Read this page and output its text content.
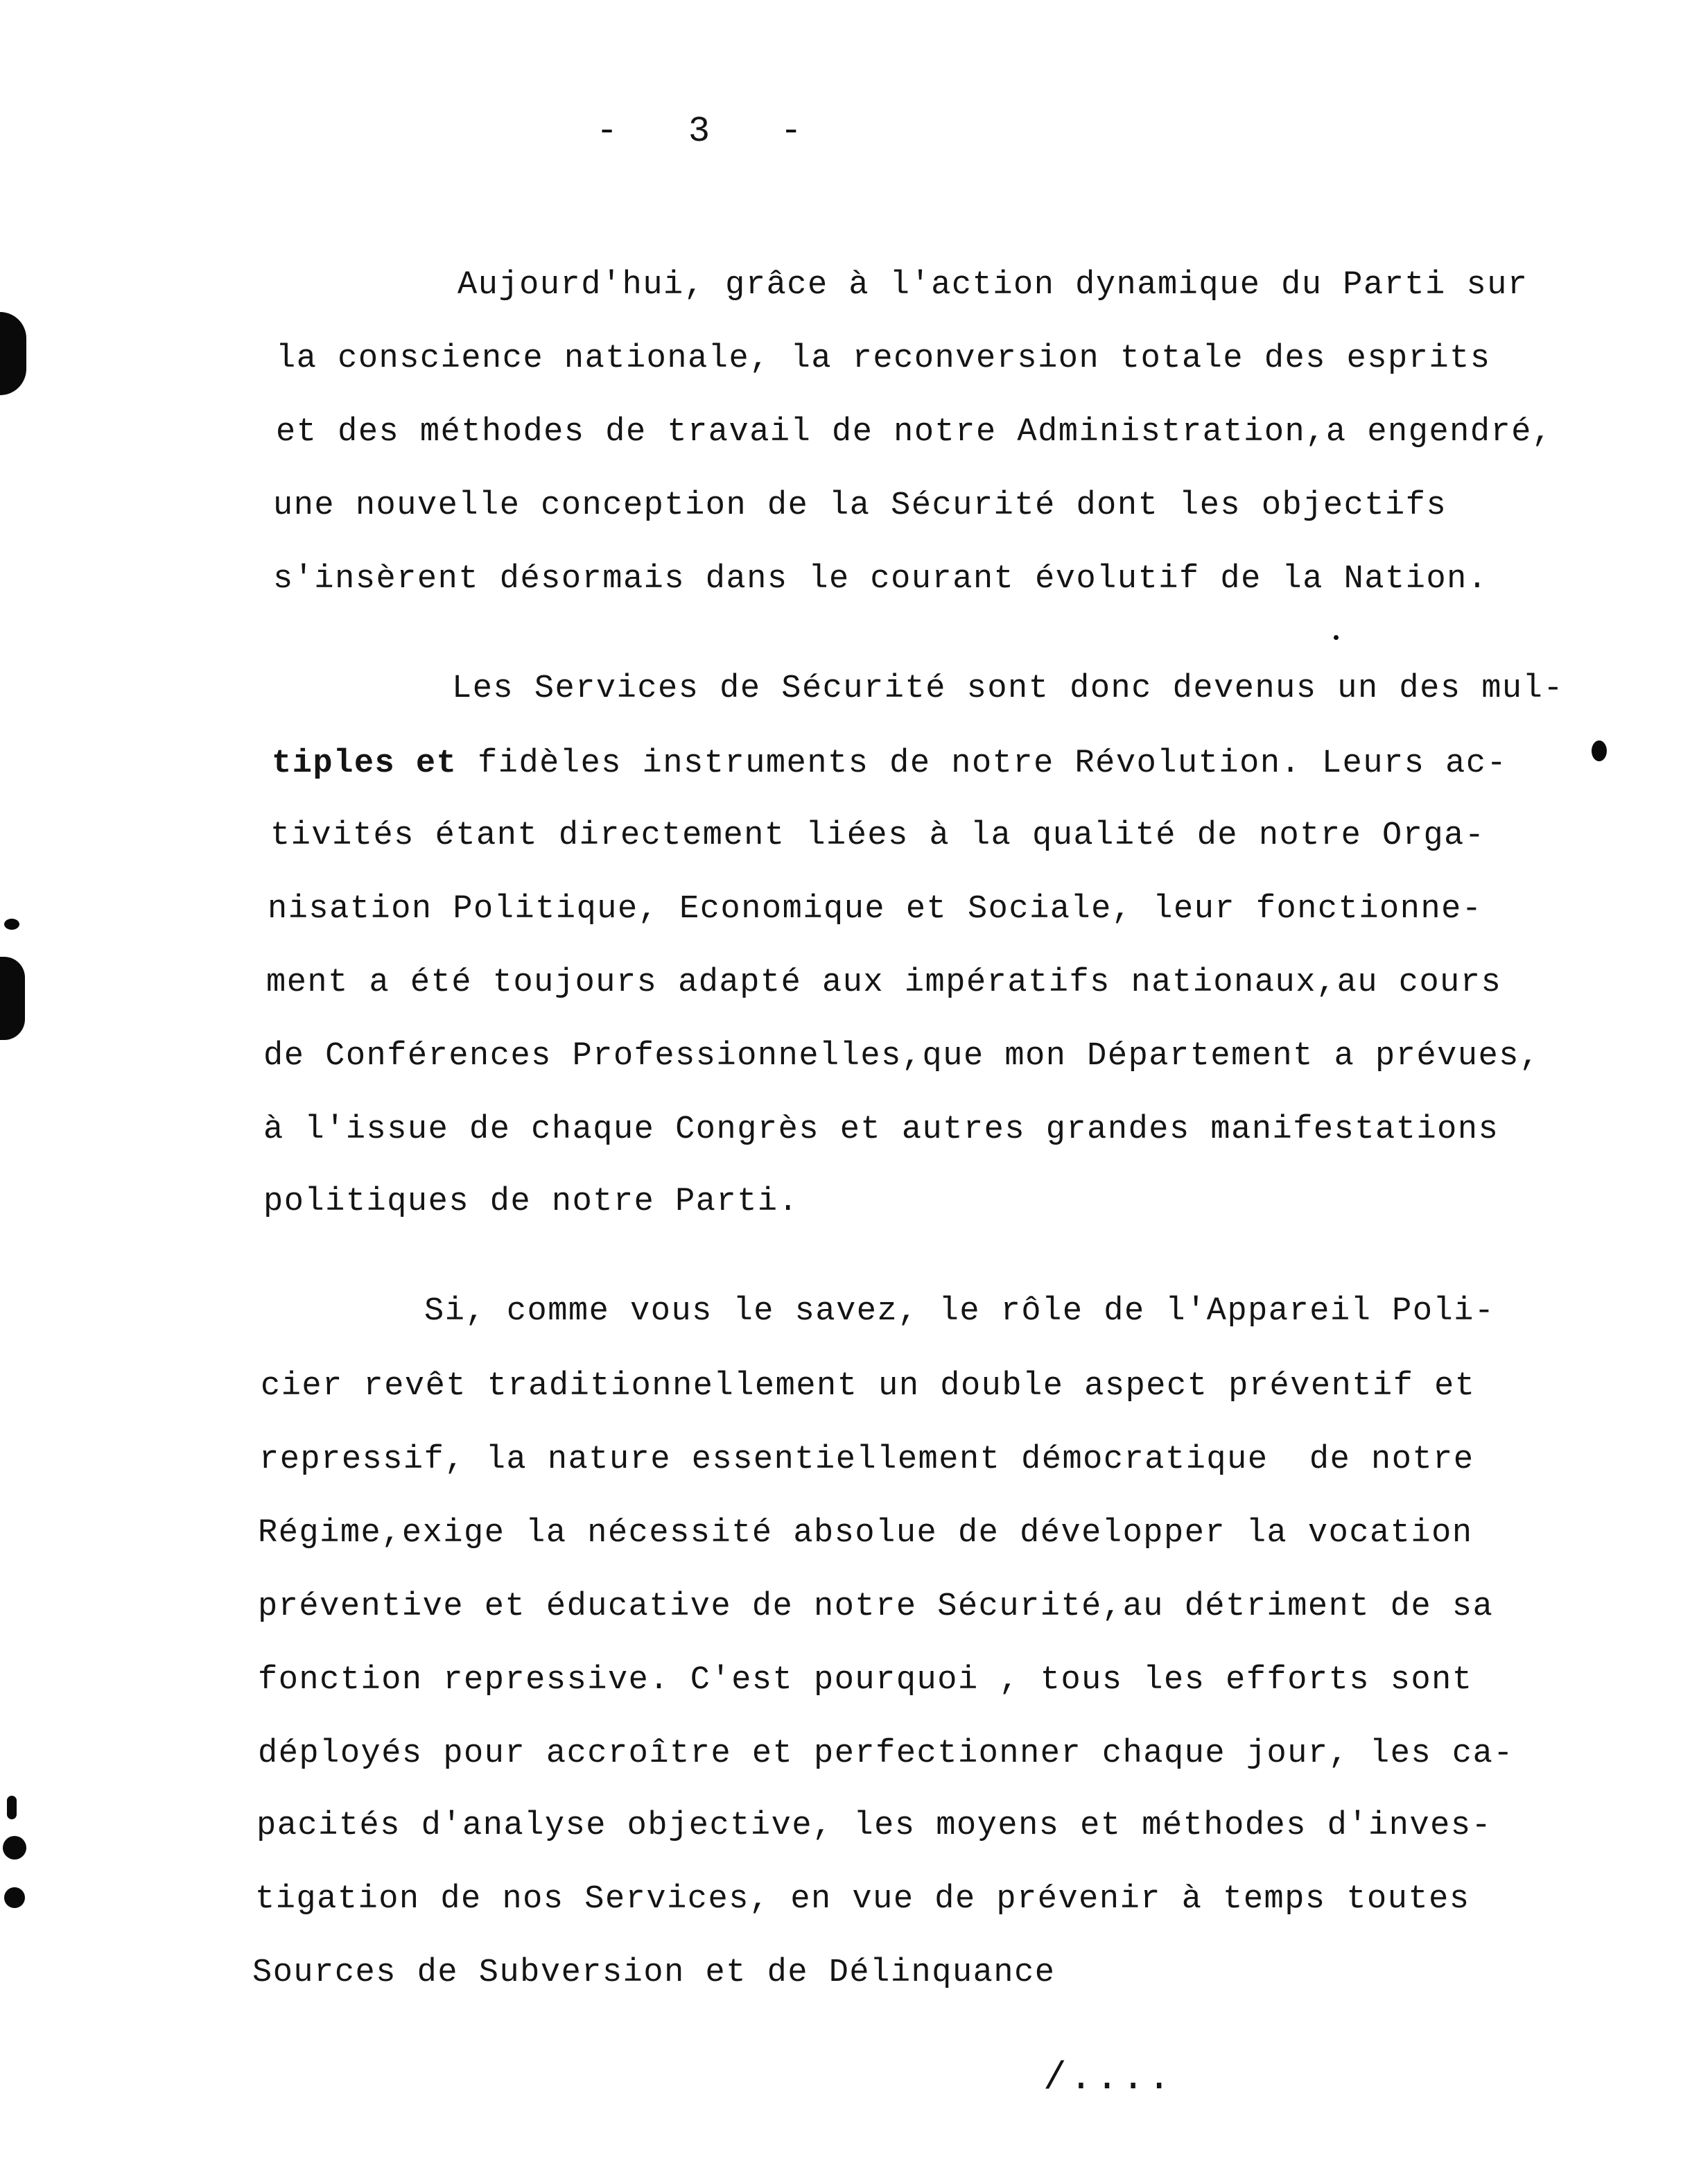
-   3   -
Aujourd'hui, grâce à l'action dynamique du Parti sur
la conscience nationale, la reconversion totale des esprits
et des méthodes de travail de notre Administration,a engendré,
une nouvelle conception de la Sécurité dont les objectifs
s'insèrent désormais dans le courant évolutif de la Nation.
Les Services de Sécurité sont donc devenus un des mul-
tiples et fidèles instruments de notre Révolution. Leurs ac-
tivités étant directement liées à la qualité de notre Orga-
nisation Politique, Economique et Sociale, leur fonctionne-
ment a été toujours adapté aux impératifs nationaux,au cours
de Conférences Professionnelles,que mon Département a prévues,
à l'issue de chaque Congrès et autres grandes manifestations
politiques de notre Parti.
Si, comme vous le savez, le rôle de l'Appareil Poli-
cier revêt traditionnellement un double aspect préventif et
repressif, la nature essentiellement démocratique  de notre
Régime,exige la nécessité absolue de développer la vocation
préventive et éducative de notre Sécurité,au détriment de sa
fonction repressive. C'est pourquoi , tous les efforts sont
déployés pour accroître et perfectionner chaque jour, les ca-
pacités d'analyse objective, les moyens et méthodes d'inves-
tigation de nos Services, en vue de prévenir à temps toutes
Sources de Subversion et de Délinquance
/....
